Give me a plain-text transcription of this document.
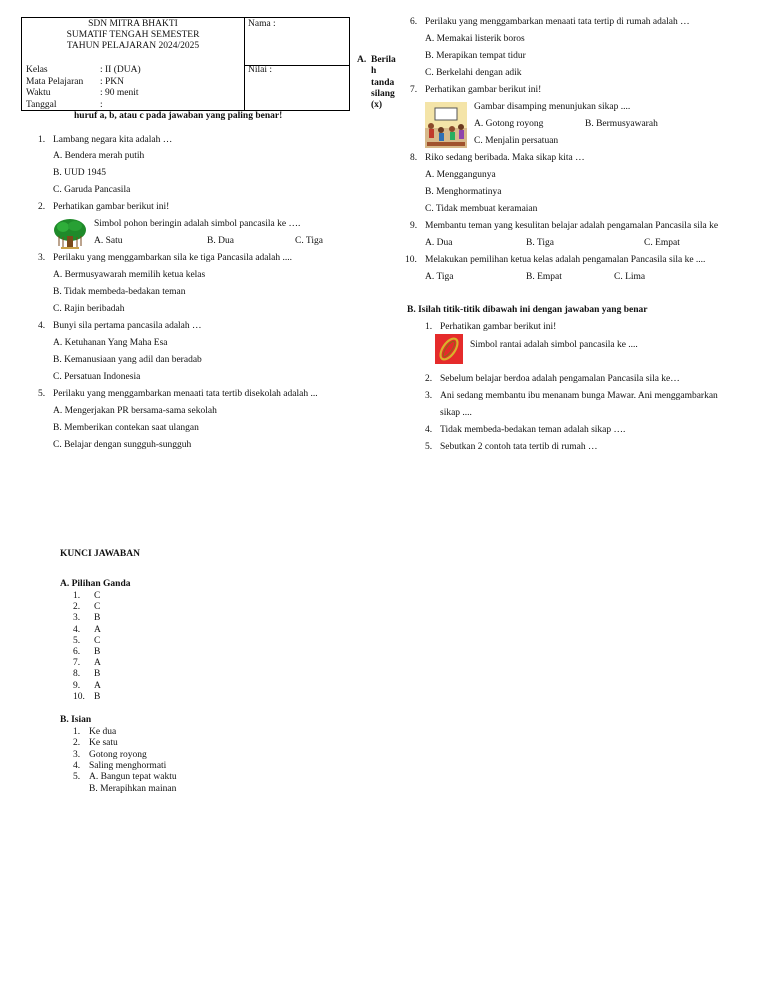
SDN MITRA BHAKTI
SUMATIF TENGAH SEMESTER
TAHUN PELAJARAN 2024/2025
Kelas	: II (DUA)
Mata Pelajaran : PKN
Waktu	: 90 menit
Tanggal	:
Nama :
Nilai :
A. Berila
h
tanda
silang
(x)
huruf a, b, atau c pada jawaban yang paling benar!
1. Lambang negara kita adalah …
A. Bendera merah putih
B. UUD 1945
C. Garuda Pancasila
2. Perhatikan gambar berikut ini!
Simbol pohon beringin adalah simbol pancasila ke ….
A. Satu	B. Dua	C. Tiga
3. Perilaku yang menggambarkan sila ke tiga Pancasila adalah ....
A. Bermusyawarah memilih ketua kelas
B. Tidak membeda-bedakan teman
C. Rajin beribadah
4. Bunyi sila pertama pancasila adalah …
A. Ketuhanan Yang Maha Esa
B. Kemanusiaan yang adil dan beradab
C. Persatuan Indonesia
5. Perilaku yang menggambarkan menaati tata tertib disekolah adalah ...
A. Mengerjakan PR bersama-sama sekolah
B. Memberikan contekan saat ulangan
C. Belajar dengan sungguh-sungguh
6. Perilaku yang menggambarkan menaati tata tertip di rumah adalah …
A. Memakai listerik boros
B. Merapikan tempat tidur
C. Berkelahi dengan adik
7. Perhatikan gambar berikut ini!
Gambar disamping menunjukan sikap ....
A. Gotong royong	B. Bermusyawarah
C. Menjalin persatuan
8. Riko sedang beribada. Maka sikap kita …
A. Menggangunya
B. Menghormatinya
C. Tidak membuat keramaian
9. Membantu teman yang kesulitan belajar adalah pengamalan Pancasila sila ke
A. Dua	B. Tiga	C. Empat
10. Melakukan pemilihan ketua kelas adalah pengamalan Pancasila sila ke ....
A. Tiga	B. Empat	C. Lima
B. Isilah titik-titik dibawah ini dengan jawaban yang benar
1. Perhatikan gambar berikut ini!
Simbol rantai adalah simbol pancasila ke ....
2. Sebelum belajar berdoa adalah pengamalan Pancasila sila ke…
3. Ani sedang membantu ibu menanam bunga Mawar. Ani menggambarkan
sikap ....
4. Tidak membeda-bedakan teman adalah sikap ….
5. Sebutkan 2 contoh tata tertib di rumah …
KUNCI JAWABAN
A. Pilihan Ganda
1. C
2. C
3. B
4. A
5. C
6. B
7. A
8. B
9. A
10. B
B. Isian
1. Ke dua
2. Ke satu
3. Gotong royong
4. Saling menghormati
5. A. Bangun tepat waktu
B. Merapihkan mainan
